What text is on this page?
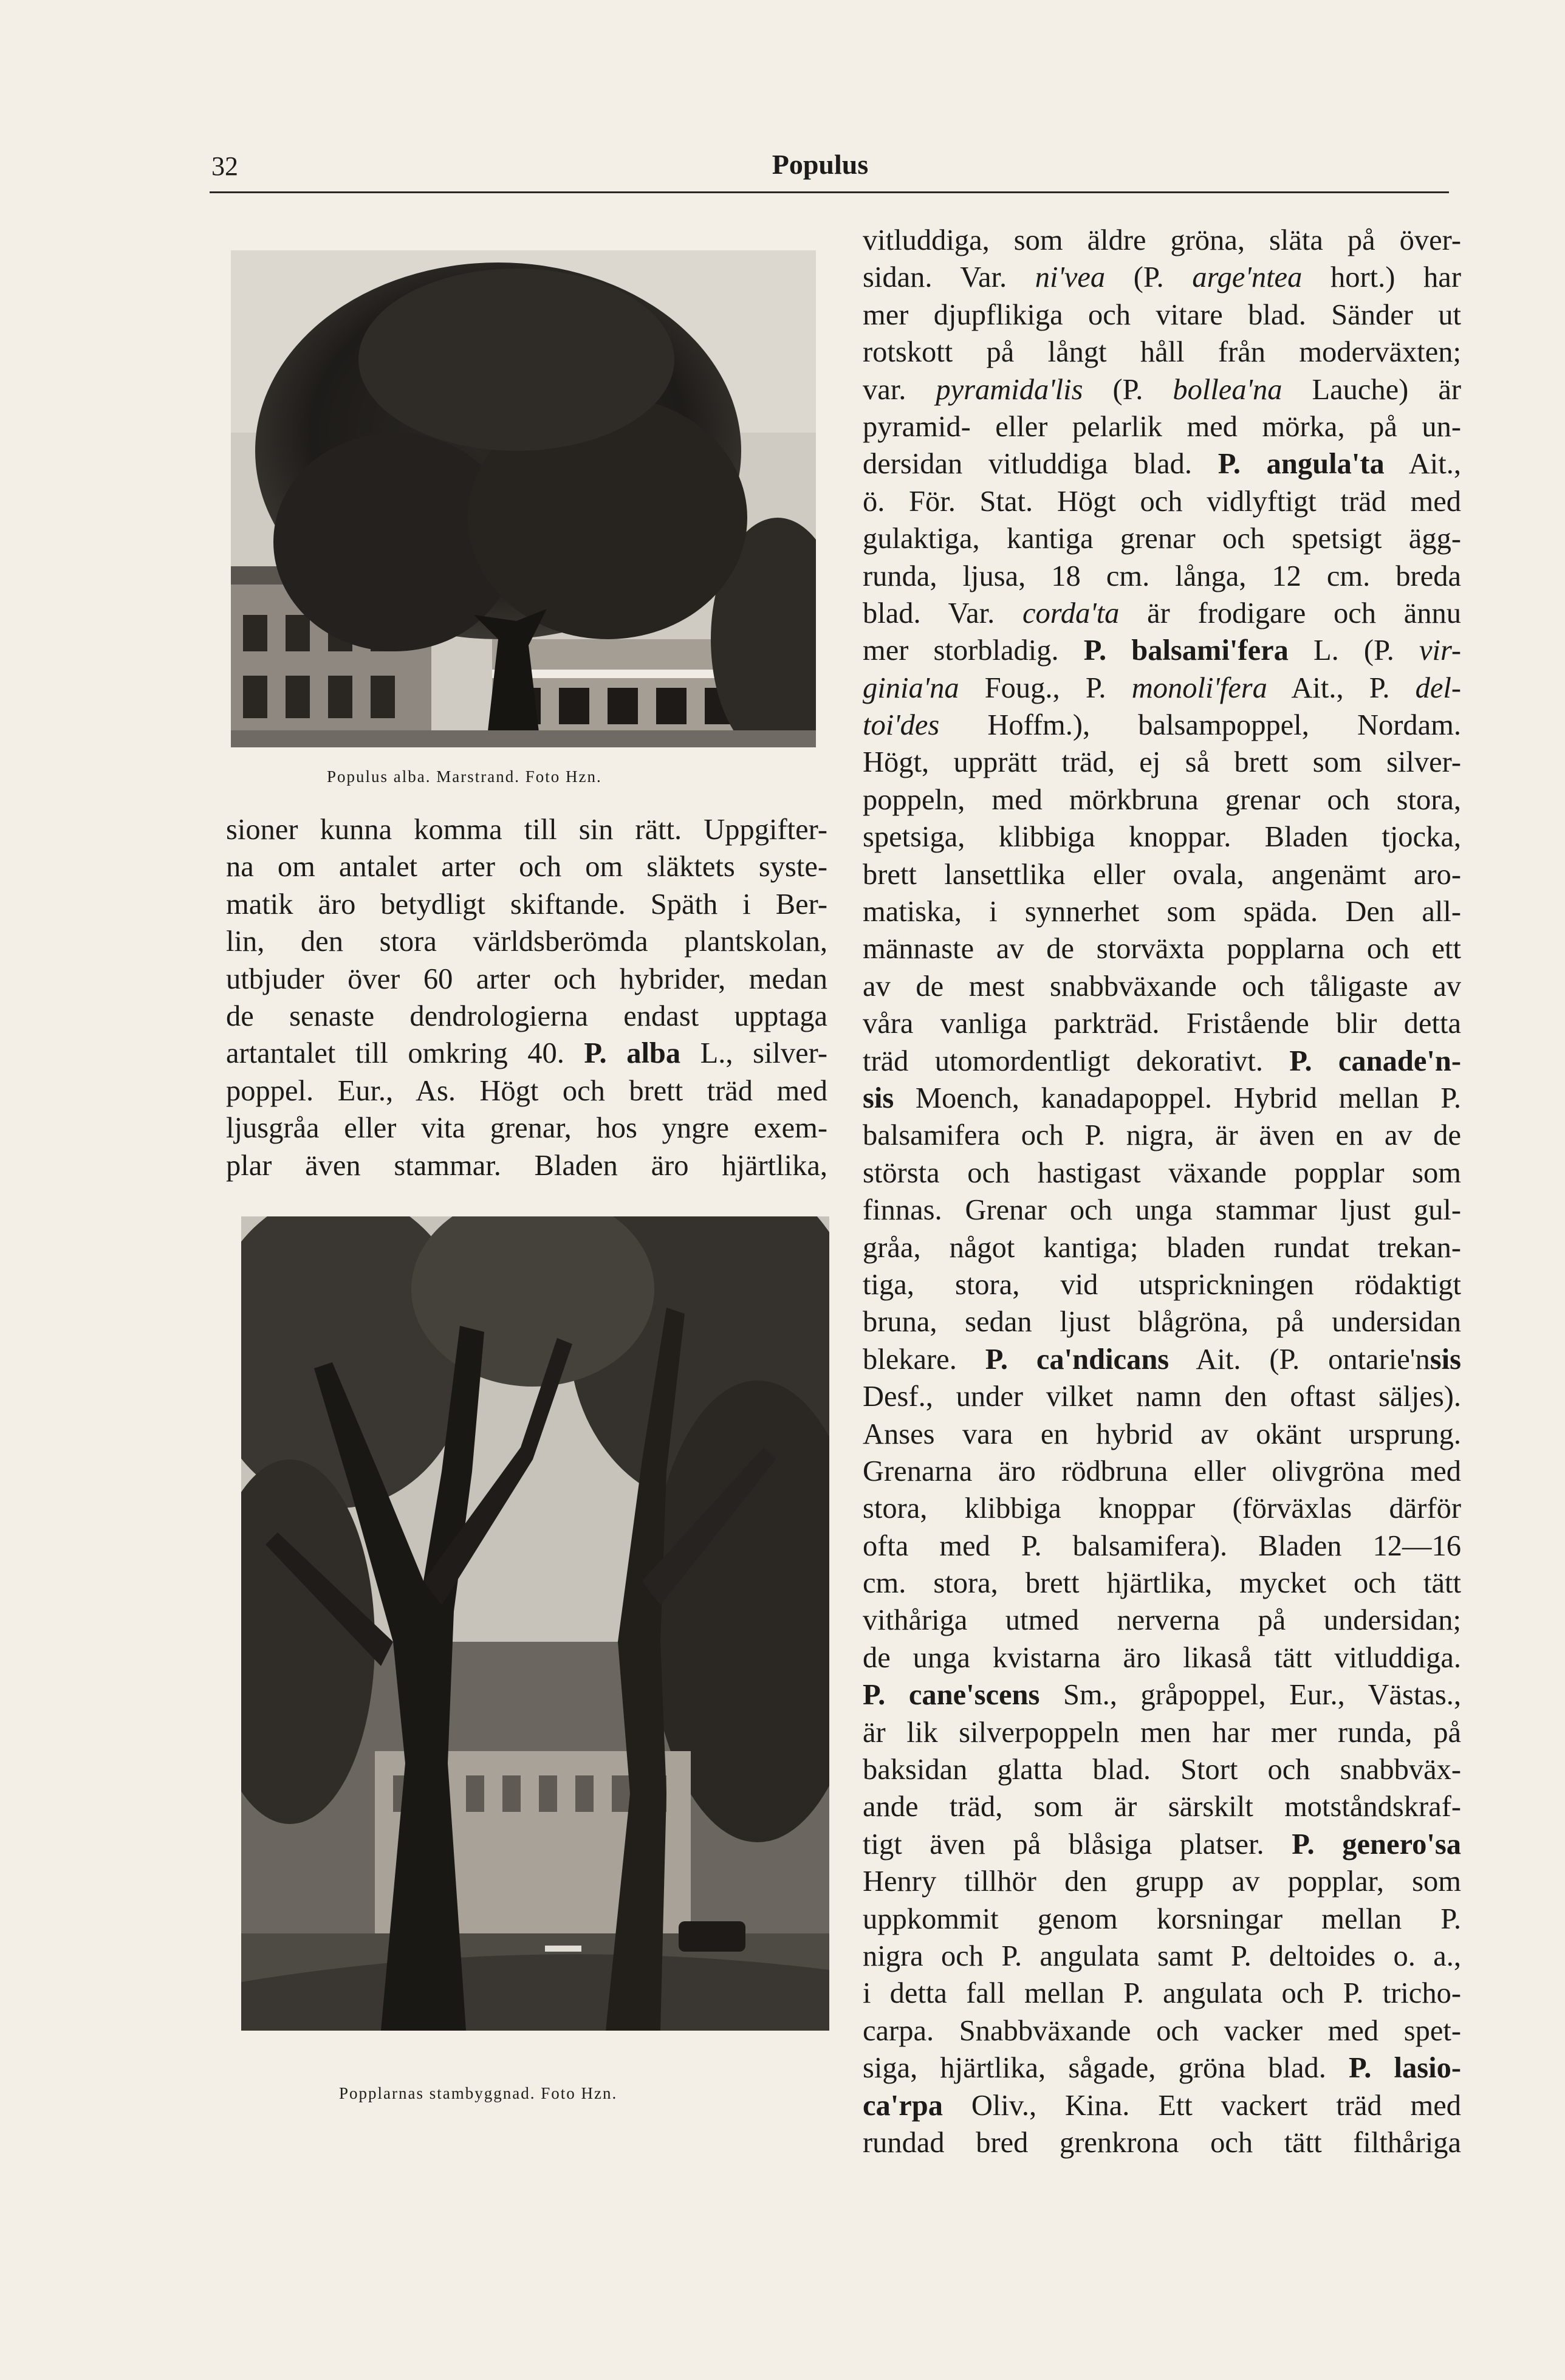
32	Populus
Populus alba. Marstrand. Foto Hzn.
Popplarnas stambyggnad. Foto Hzn.
sioner kunna komma till sin rätt. Uppgifter-
na om antalet arter och om släktets syste-
matik äro betydligt skiftande. Späth i Ber-
lin, den stora världsberömda plantskolan,
utbjuder över 60 arter och hybrider, medan
de senaste dendrologierna endast upptaga
artantalet till omkring 40. P. alba L., silver-
poppel. Eur., As. Högt och brett träd med
ljusgråa eller vita grenar, hos yngre exem-
plar även stammar. Bladen äro hjärtlika,
vitluddiga, som äldre gröna, släta på över-
sidan. Var. ni'vea (P. arge'ntea hort.) har
mer djupflikiga och vitare blad. Sänder ut
rotskott på långt håll från moderväxten;
var. pyramida'lis (P. bollea'na Lauche) är
pyramid- eller pelarlik med mörka, på un-
dersidan vitluddiga blad. P. angula'ta Ait.,
ö. För. Stat. Högt och vidlyftigt träd med
gulaktiga, kantiga grenar och spetsigt ägg-
runda, ljusa, 18 cm. långa, 12 cm. breda
blad. Var. corda'ta är frodigare och ännu
mer storbladig. P. balsami'fera L. (P. vir-
ginia'na Foug., P. monoli'fera Ait., P. del-
toi'des Hoffm.), balsampoppel, Nordam.
Högt, upprätt träd, ej så brett som silver-
poppeln, med mörkbruna grenar och stora,
spetsiga, klibbiga knoppar. Bladen tjocka,
brett lansettlika eller ovala, angenämt aro-
matiska, i synnerhet som späda. Den all-
männaste av de storväxta popplarna och ett
av de mest snabbväxande och tåligaste av
våra vanliga parkträd. Fristående blir detta
träd utomordentligt dekorativt. P. canade'n-
sis Moench, kanadapoppel. Hybrid mellan P.
balsamifera och P. nigra, är även en av de
största och hastigast växande popplar som
finnas. Grenar och unga stammar ljust gul-
gråa, något kantiga; bladen rundat trekan-
tiga, stora, vid utsprickningen rödaktigt
bruna, sedan ljust blågröna, på undersidan
blekare. P. ca'ndicans Ait. (P. ontarie'nsis
Desf., under vilket namn den oftast säljes).
Anses vara en hybrid av okänt ursprung.
Grenarna äro rödbruna eller olivgröna med
stora, klibbiga knoppar (förväxlas därför
ofta med P. balsamifera). Bladen 12—16
cm. stora, brett hjärtlika, mycket och tätt
vithåriga utmed nerverna på undersidan;
de unga kvistarna äro likaså tätt vitluddiga.
P. cane'scens Sm., gråpoppel, Eur., Västas.,
är lik silverpoppeln men har mer runda, på
baksidan glatta blad. Stort och snabbväx-
ande träd, som är särskilt motståndskraf-
tigt även på blåsiga platser. P. genero'sa
Henry tillhör den grupp av popplar, som
uppkommit genom korsningar mellan P.
nigra och P. angulata samt P. deltoides o. a.,
i detta fall mellan P. angulata och P. tricho-
carpa. Snabbväxande och vacker med spet-
siga, hjärtlika, sågade, gröna blad. P. lasio-
ca'rpa Oliv., Kina. Ett vackert träd med
rundad bred grenkrona och tätt filthåriga
